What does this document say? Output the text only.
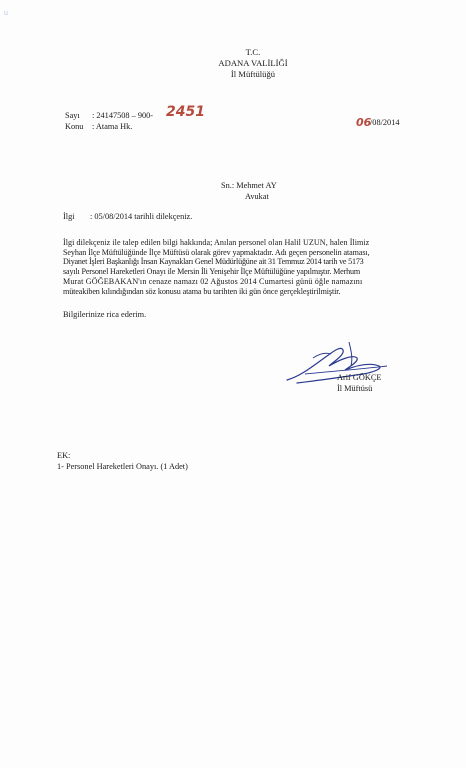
u
T.C.
ADANA VALİLİĞİ
İl Müftülüğü
Sayı : 24147508 – 900- 2451
Konu : Atama Hk.	06
/08/2014
Sn.: Mehmet AY
Avukat
İlgi : 05/08/2014 tarihli dilekçeniz.
İlgi dilekçeniz ile talep edilen bilgi hakkında; Anılan personel olan Halil UZUN, halen İlimiz
Seyhan İlçe Müftülüğünde İlçe Müftüsü olarak görev yapmaktadır. Adı geçen personelin ataması,
Diyanet İşleri Başkanlığı İnsan Kaynakları Genel Müdürlüğüne ait 31 Temmuz 2014 tarih ve 5173
sayılı Personel Hareketleri Onayı ile Mersin İli Yenişehir İlçe Müftülüğüne yapılmıştır. Merhum
Murat GÖĞEBAKAN'ın cenaze namazı 02 Ağustos 2014 Cumartesi günü öğle namazını
müteakiben kılındığından söz konusu atama bu tarihten iki gün önce gerçekleştirilmiştir.
Bilgilerinize rica ederim.
Arif GÖKÇE
İl Müftüsü
EK:
1- Personel Hareketleri Onayı. (1 Adet)
